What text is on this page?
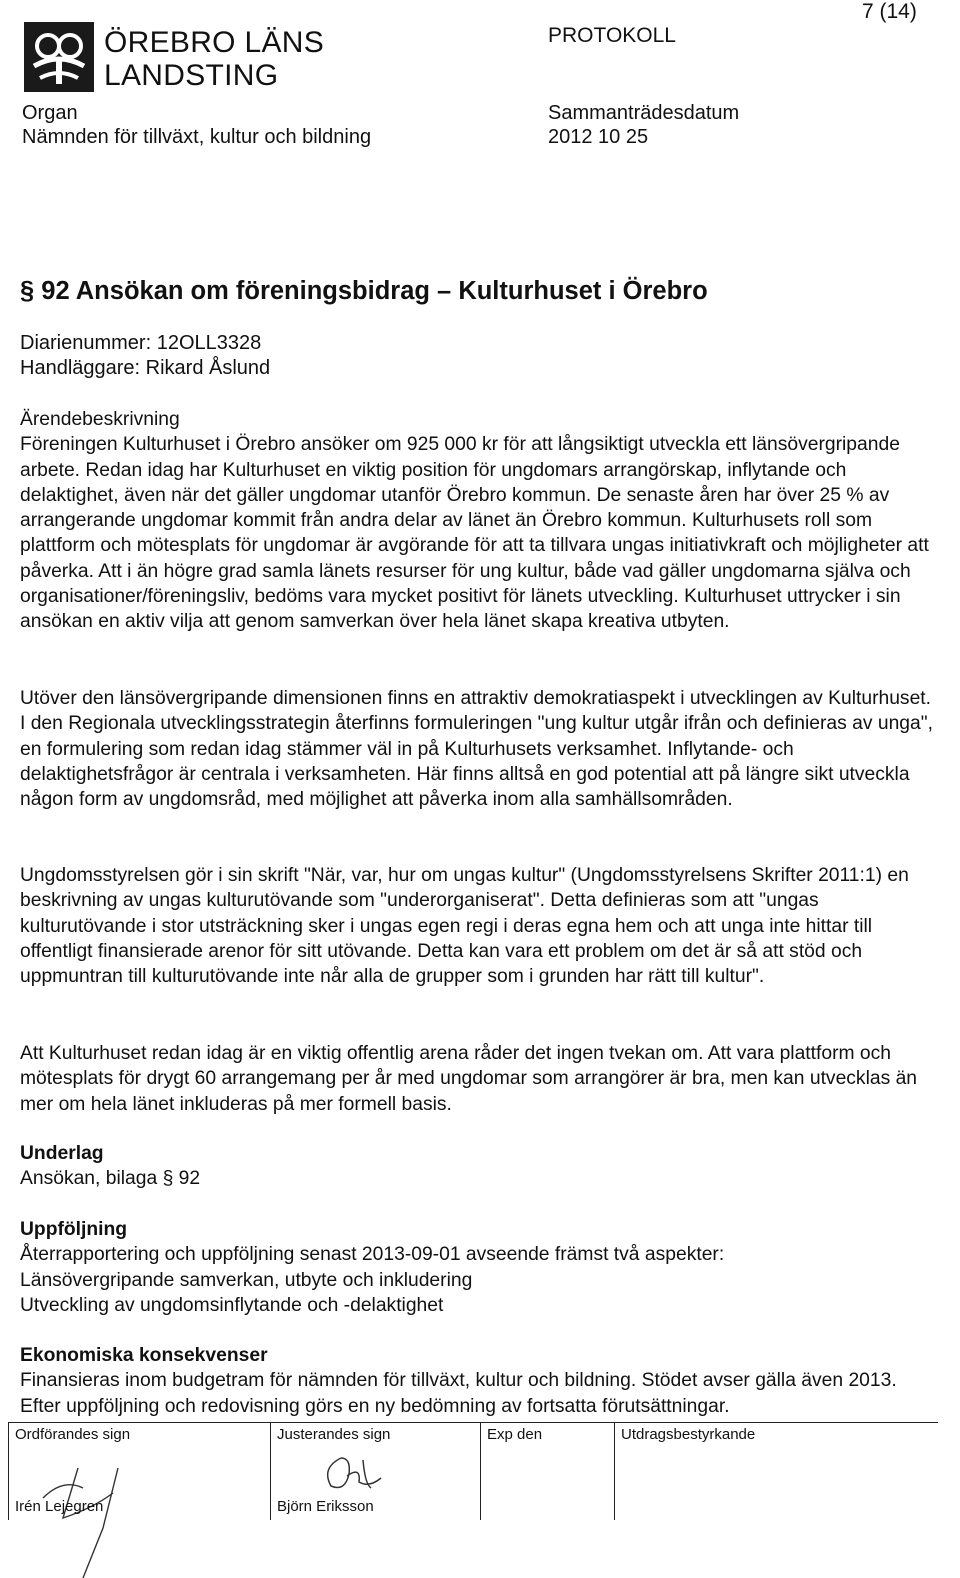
ÖREBRO LÄNS
LANDSTING
PROTOKOLL
7 (14)
Organ
Nämnden för tillväxt, kultur och bildning
Sammanträdesdatum
2012 10 25
§ 92 Ansökan om föreningsbidrag – Kulturhuset i Örebro
Diarienummer: 12OLL3328
Handläggare: Rikard Åslund

Ärendebeskrivning

Föreningen Kulturhuset i Örebro ansöker om 925 000 kr för att långsiktigt utveckla ett länsövergripande arbete. Redan idag har Kulturhuset en viktig position för ungdomars arrangörskap, inflytande och delaktighet, även när det gäller ungdomar utanför Örebro kommun. De senaste åren har över 25 % av arrangerande ungdomar kommit från andra delar av länet än Örebro kommun. Kulturhusets roll som plattform och mötesplats för ungdomar är avgörande för att ta tillvara ungas initiativkraft och möjligheter att påverka. Att i än högre grad samla länets resurser för ung kultur, både vad gäller ungdomarna själva och organisationer/föreningsliv, bedöms vara mycket positivt för länets utveckling. Kulturhuset uttrycker i sin ansökan en aktiv vilja att genom samverkan över hela länet skapa kreativa utbyten.

Utöver den länsövergripande dimensionen finns en attraktiv demokratiaspekt i utvecklingen av Kulturhuset. I den Regionala utvecklingsstrategin återfinns formuleringen "ung kultur utgår ifrån och definieras av unga", en formulering som redan idag stämmer väl in på Kulturhusets verksamhet. Inflytande- och delaktighetsfrågor är centrala i verksamheten. Här finns alltså en god potential att på längre sikt utveckla någon form av ungdomsråd, med möjlighet att påverka inom alla samhällsområden.
Ungdomsstyrelsen gör i sin skrift "När, var, hur om ungas kultur" (Ungdomsstyrelsens Skrifter 2011:1) en beskrivning av ungas kulturutövande som "underorganiserat". Detta definieras som att "ungas kulturutövande i stor utsträckning sker i ungas egen regi i deras egna hem och att unga inte hittar till offentligt finansierade arenor för sitt utövande. Detta kan vara ett problem om det är så att stöd och uppmuntran till kulturutövande inte når alla de grupper som i grunden har rätt till kultur".
Att Kulturhuset redan idag är en viktig offentlig arena råder det ingen tvekan om. Att vara plattform och mötesplats för drygt 60 arrangemang per år med ungdomar som arrangörer är bra, men kan utvecklas än mer om hela länet inkluderas på mer formell basis.

Underlag

Ansökan, bilaga § 92

Uppföljning

Återrapportering och uppföljning senast 2013-09-01 avseende främst två aspekter:

Länsövergripande samverkan, utbyte och inkludering

Utveckling av ungdomsinflytande och -delaktighet

Ekonomiska konsekvenser

Finansieras inom budgetram för nämnden för tillväxt, kultur och bildning. Stödet avser gälla även 2013. Efter uppföljning och redovisning görs en ny bedömning av fortsatta förutsättningar.

Ordförandes sign
Irén Lejegren
Justerandes sign
Björn Eriksson
Exp den	Utdragsbestyrkande
